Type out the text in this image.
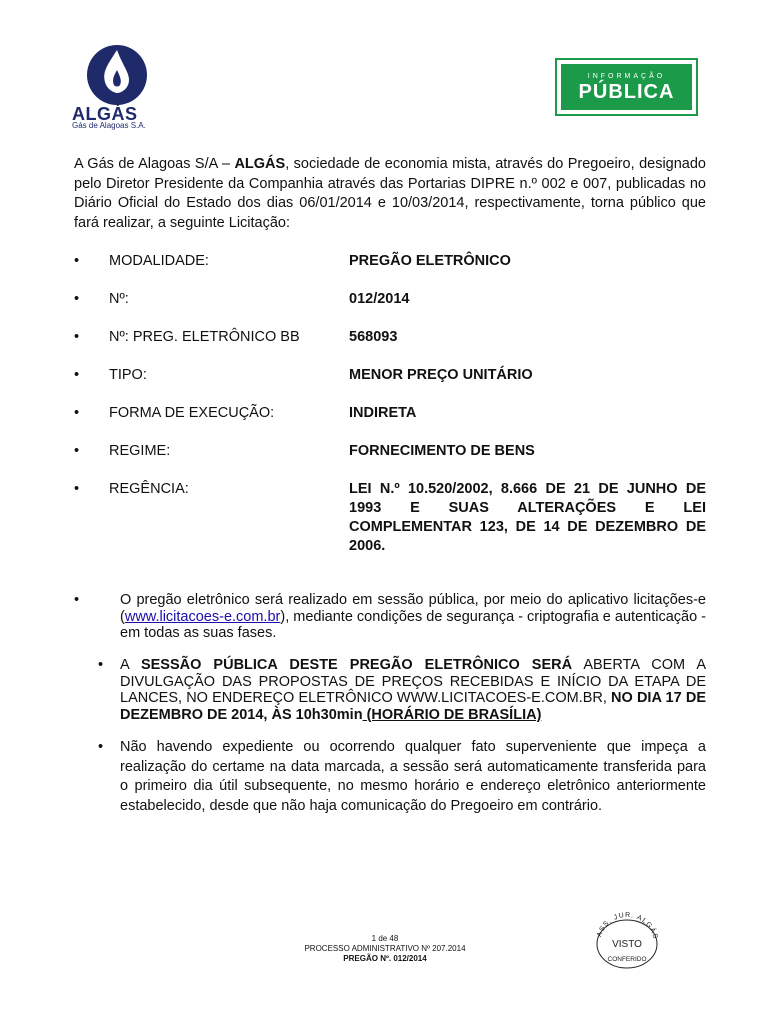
ALGÁS
Gás de Alagoas S.A.
INFORMAÇÃO
PÚBLICA
A Gás de Alagoas S/A – ALGÁS, sociedade de economia mista, através do Pregoeiro, designado pelo Diretor Presidente da Companhia através das Portarias DIPRE n.º 002 e 007, publicadas no Diário Oficial do Estado dos dias 06/01/2014 e 10/03/2014, respectivamente, torna público que fará realizar, a seguinte Licitação:
• MODALIDADE:	PREGÃO ELETRÔNICO
• Nº:	012/2014
• Nº: PREG. ELETRÔNICO BB	568093
• TIPO:	MENOR PREÇO UNITÁRIO
• FORMA DE EXECUÇÃO:	INDIRETA
• REGIME:	FORNECIMENTO DE BENS
• REGÊNCIA:	LEI N.º 10.520/2002, 8.666 DE 21 DE JUNHO DE 1993 E SUAS ALTERAÇÕES E LEI COMPLEMENTAR 123, DE 14 DE DEZEMBRO DE 2006.
•	O pregão eletrônico será realizado em sessão pública, por meio do aplicativo licitações-e (www.licitacoes-e.com.br), mediante condições de segurança - criptografia e autenticação - em todas as suas fases.
• A SESSÃO PÚBLICA DESTE PREGÃO ELETRÔNICO SERÁ ABERTA COM A DIVULGAÇÃO DAS PROPOSTAS DE PREÇOS RECEBIDAS E INÍCIO DA ETAPA DE LANCES, NO ENDEREÇO ELETRÔNICO WWW.LICITACOES-E.COM.BR, NO DIA 17 DE DEZEMBRO DE 2014, ÀS 10h30min (HORÁRIO DE BRASÍLIA)
• Não havendo expediente ou ocorrendo qualquer fato superveniente que impeça a realização do certame na data marcada, a sessão será automaticamente transferida para o primeiro dia útil subsequente, no mesmo horário e endereço eletrônico anteriormente estabelecido, desde que não haja comunicação do Pregoeiro em contrário.
1 de 48
PROCESSO ADMINISTRATIVO Nº 207.2014
PREGÃO Nº. 012/2014
ASS. JUR. ALGÁS
VISTO
CONFERIDO
